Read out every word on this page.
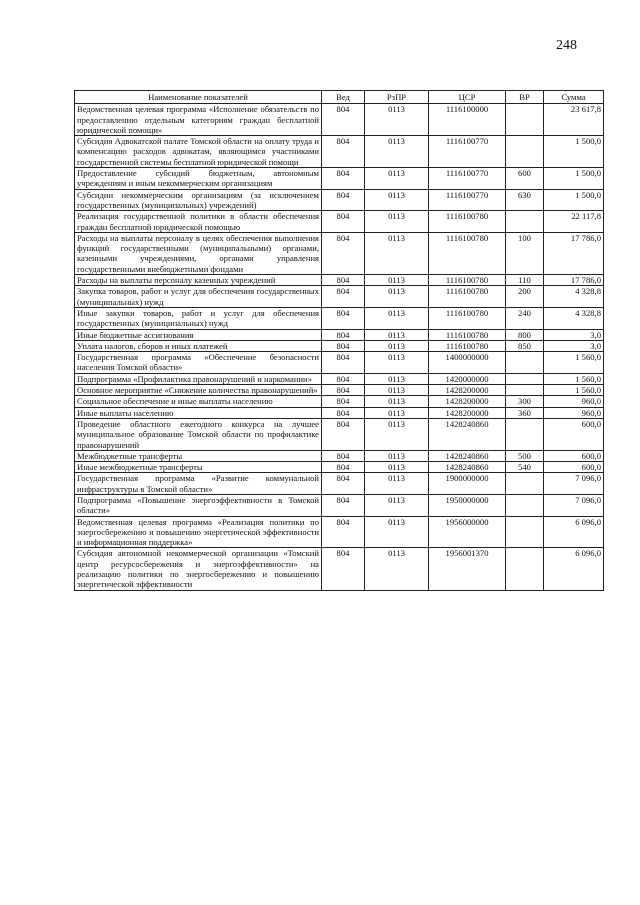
248
Наименование показателей	Вед	РзПР	ЦСР	ВР	Сумма
Ведомственная целевая программа «Исполнение обязательств по предоставлению отдельным категориям граждан бесплатной юридической помощи»	804	0113	1116100000		23 617,8
Субсидия Адвокатской палате Томской области на оплату труда и компенсацию расходов адвокатам, являющимся участниками государственной системы бесплатной юридической помощи	804	0113	1116100770		1 500,0
Предоставление субсидий бюджетным, автономным учреждениям и иным некоммерческим организациям	804	0113	1116100770	600	1 500,0
Субсидии некоммерческим организациям (за исключением государственных (муниципальных) учреждений)	804	0113	1116100770	630	1 500,0
Реализация государственной политики в области обеспечения граждан бесплатной юридической помощью	804	0113	1116100780		22 117,8
Расходы на выплаты персоналу в целях обеспечения выполнения функций государственными (муниципальными) органами, казенными учреждениями, органами управления государственными внебюджетными фондами	804	0113	1116100780	100	17 786,0
Расходы на выплаты персоналу казенных учреждений	804	0113	1116100780	110	17 786,0
Закупка товаров, работ и услуг для обеспечения государственных (муниципальных) нужд	804	0113	1116100780	200	4 328,8
Иные закупки товаров, работ и услуг для обеспечения государственных (муниципальных) нужд	804	0113	1116100780	240	4 328,8
Иные бюджетные ассигнования	804	0113	1116100780	800	3,0
Уплата налогов, сборов и иных платежей	804	0113	1116100780	850	3,0
Государственная программа «Обеспечение безопасности населения Томской области»	804	0113	1400000000		1 560,0
Подпрограмма «Профилактика правонарушений и наркомании»	804	0113	1420000000		1 560,0
Основное мероприятие «Снижение количества правонарушений»	804	0113	1428200000		1 560,0
Социальное обеспечение и иные выплаты населению	804	0113	1428200000	300	960,0
Иные выплаты населению	804	0113	1428200000	360	960,0
Проведение областного ежегодного конкурса на лучшее муниципальное образование Томской области по профилактике правонарушений	804	0113	1428240860		600,0
Межбюджетные трансферты	804	0113	1428240860	500	600,0
Иные межбюджетные трансферты	804	0113	1428240860	540	600,0
Государственная программа «Развитие коммунальной инфраструктуры в Томской области»	804	0113	1900000000		7 096,0
Подпрограмма «Повышение энергоэффективности в Томской области»	804	0113	1950000000		7 096,0
Ведомственная целевая программа «Реализация политики по энергосбережению и повышению энергетической эффективности и информационная поддержка»	804	0113	1956000000		6 096,0
Субсидия автономной некоммерческой организации «Томский центр ресурсосбережения и энергоэффективности» на реализацию политики по энергосбережению и повышению энергетической эффективности	804	0113	1956001370		6 096,0
